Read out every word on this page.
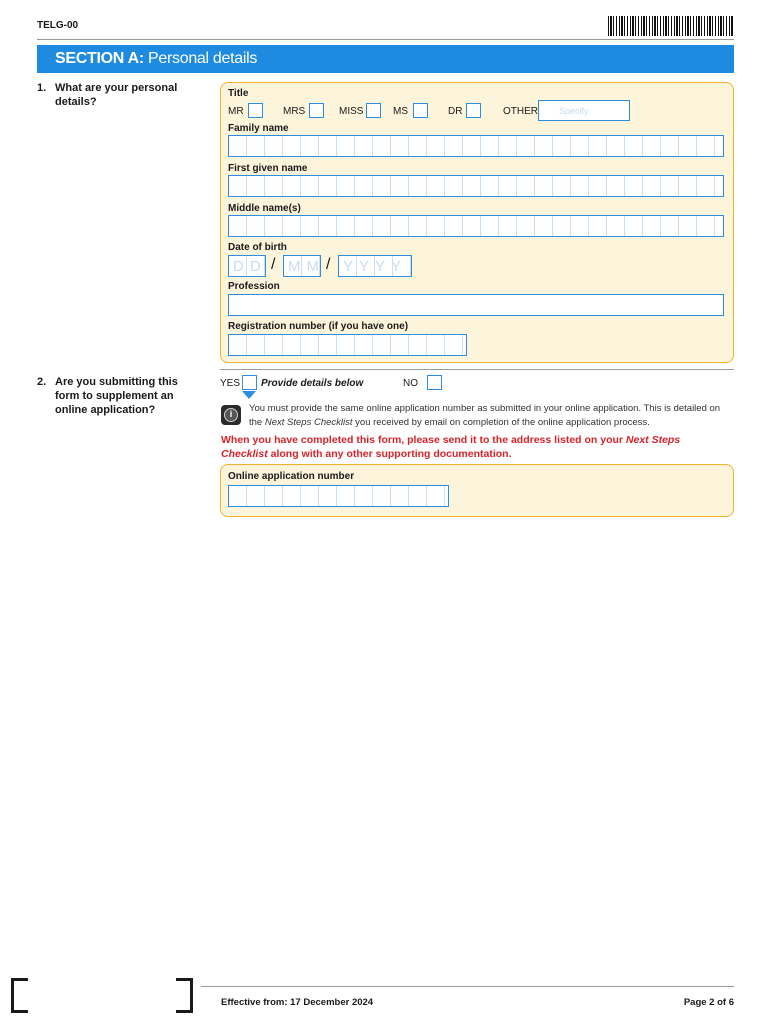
TELG-00
SECTION A: Personal details
1. What are your personal details?
Title
MR	MRS	MISS	MS	DR	OTHER Specify
Family name
First given name
Middle name(s)
Date of birth
DD / MM / YYYY
Profession
Registration number (if you have one)
2. Are you submitting this form to supplement an online application?
YES Provide details below	NO
i	You must provide the same online application number as submitted in your online application. This is detailed on the Next Steps Checklist you received by email on completion of the online application process.
When you have completed this form, please send it to the address listed on your Next Steps Checklist along with any other supporting documentation.
Online application number
Effective from: 17 December 2024	Page 2 of 6
